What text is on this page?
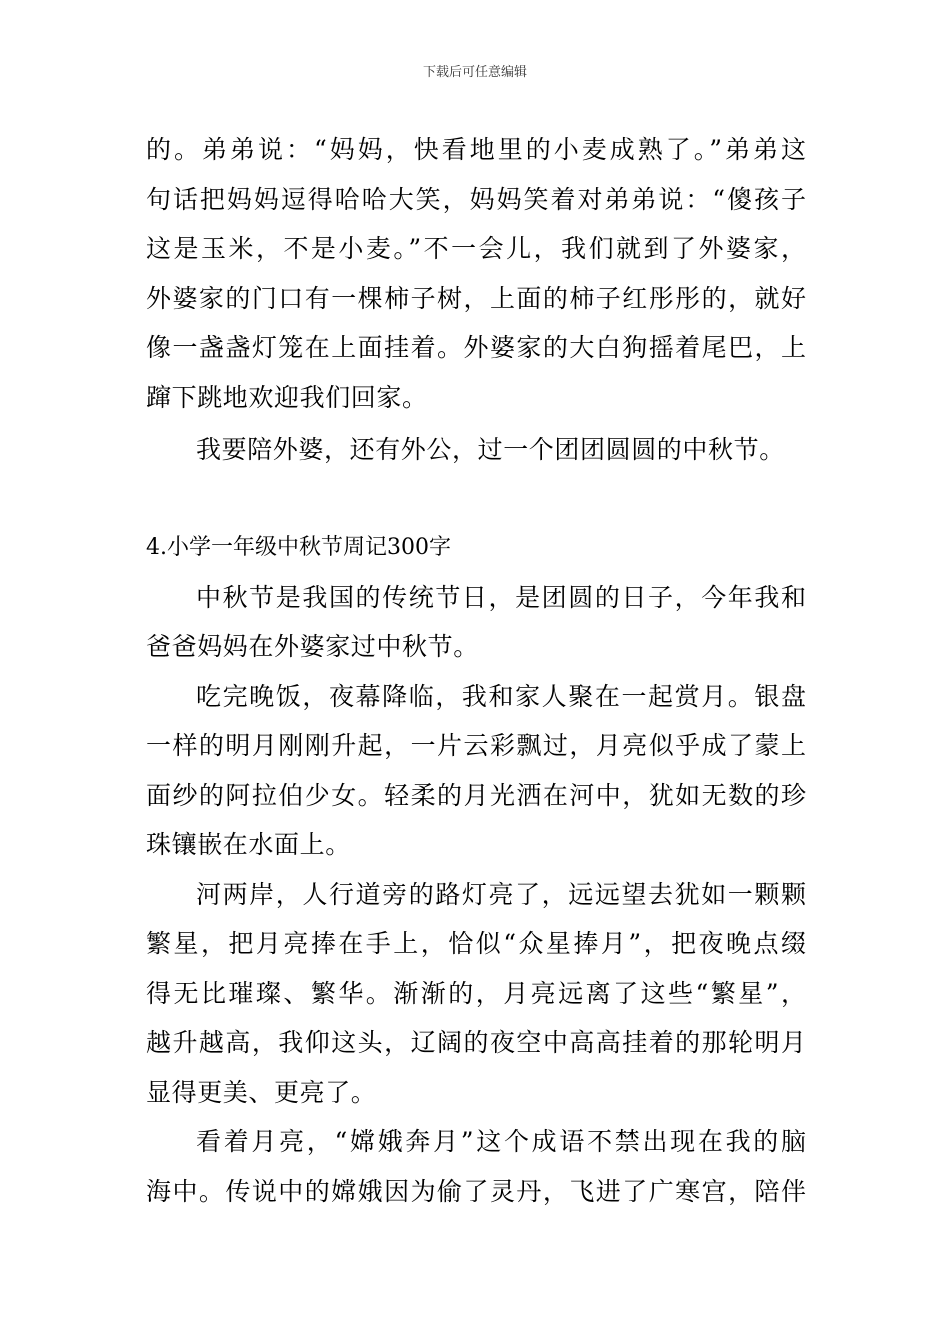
下载后可任意编辑
的。弟弟说：“妈妈，快看地里的小麦成熟了。”弟弟这
句话把妈妈逗得哈哈大笑，妈妈笑着对弟弟说：“傻孩子
这是玉米，不是小麦。”不一会儿，我们就到了外婆家，
外婆家的门口有一棵柿子树，上面的柿子红彤彤的，就好
像一盏盏灯笼在上面挂着。外婆家的大白狗摇着尾巴，上
蹿下跳地欢迎我们回家。
我要陪外婆，还有外公，过一个团团圆圆的中秋节。
4.小学一年级中秋节周记300字
中秋节是我国的传统节日，是团圆的日子，今年我和
爸爸妈妈在外婆家过中秋节。
吃完晚饭，夜幕降临，我和家人聚在一起赏月。银盘
一样的明月刚刚升起，一片云彩飘过，月亮似乎成了蒙上
面纱的阿拉伯少女。轻柔的月光洒在河中，犹如无数的珍
珠镶嵌在水面上。
河两岸，人行道旁的路灯亮了，远远望去犹如一颗颗
繁星，把月亮捧在手上，恰似“众星捧月”，把夜晚点缀
得无比璀璨、繁华。渐渐的，月亮远离了这些“繁星”，
越升越高，我仰这头，辽阔的夜空中高高挂着的那轮明月
显得更美、更亮了。
看着月亮，“嫦娥奔月”这个成语不禁出现在我的脑
海中。传说中的嫦娥因为偷了灵丹，飞进了广寒宫，陪伴
